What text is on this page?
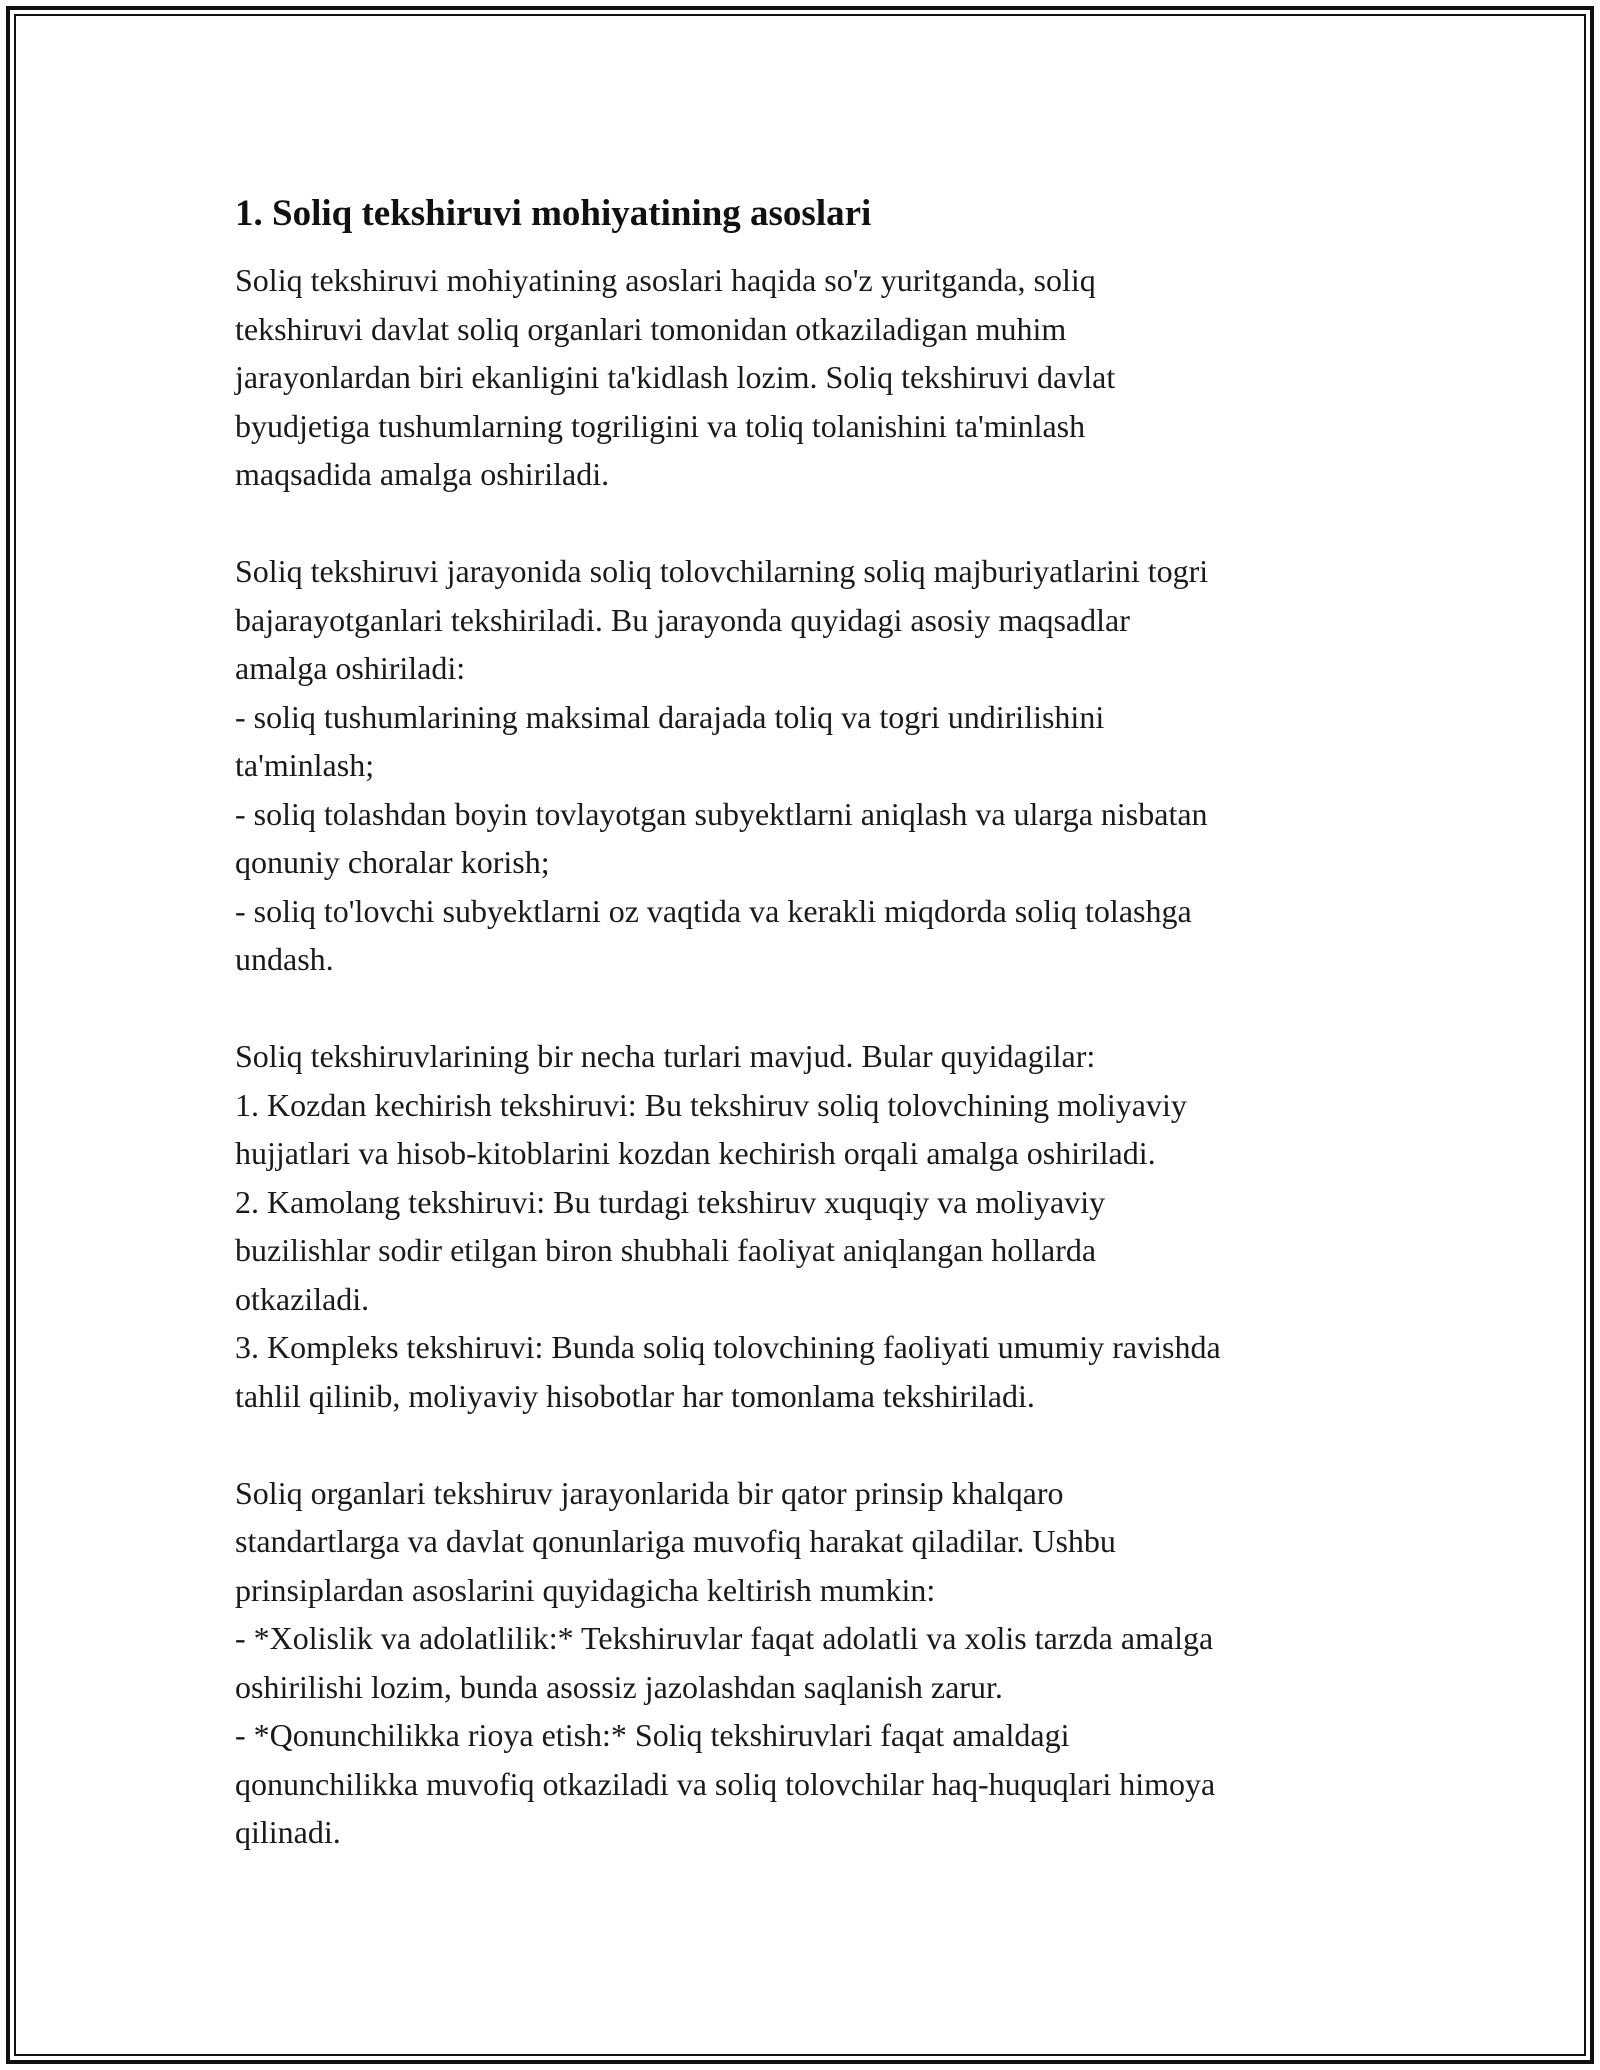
1. Soliq tekshiruvi mohiyatining asoslari
Soliq tekshiruvi mohiyatining asoslari haqida so'z yuritganda, soliq
tekshiruvi davlat soliq organlari tomonidan otkaziladigan muhim
jarayonlardan biri ekanligini ta'kidlash lozim. Soliq tekshiruvi davlat
byudjetiga tushumlarning togriligini va toliq tolanishini ta'minlash
maqsadida amalga oshiriladi.
Soliq tekshiruvi jarayonida soliq tolovchilarning soliq majburiyatlarini togri
bajarayotganlari tekshiriladi. Bu jarayonda quyidagi asosiy maqsadlar
amalga oshiriladi:
- soliq tushumlarining maksimal darajada toliq va togri undirilishini
ta'minlash;
- soliq tolashdan boyin tovlayotgan subyektlarni aniqlash va ularga nisbatan
qonuniy choralar korish;
- soliq to'lovchi subyektlarni oz vaqtida va kerakli miqdorda soliq tolashga
undash.
Soliq tekshiruvlarining bir necha turlari mavjud. Bular quyidagilar:
1. Kozdan kechirish tekshiruvi: Bu tekshiruv soliq tolovchining moliyaviy
hujjatlari va hisob-kitoblarini kozdan kechirish orqali amalga oshiriladi.
2. Kamolang tekshiruvi: Bu turdagi tekshiruv xuquqiy va moliyaviy
buzilishlar sodir etilgan biron shubhali faoliyat aniqlangan hollarda
otkaziladi.
3. Kompleks tekshiruvi: Bunda soliq tolovchining faoliyati umumiy ravishda
tahlil qilinib, moliyaviy hisobotlar har tomonlama tekshiriladi.
Soliq organlari tekshiruv jarayonlarida bir qator prinsip khalqaro
standartlarga va davlat qonunlariga muvofiq harakat qiladilar. Ushbu
prinsiplardan asoslarini quyidagicha keltirish mumkin:
- *Xolislik va adolatlilik:* Tekshiruvlar faqat adolatli va xolis tarzda amalga
oshirilishi lozim, bunda asossiz jazolashdan saqlanish zarur.
- *Qonunchilikka rioya etish:* Soliq tekshiruvlari faqat amaldagi
qonunchilikka muvofiq otkaziladi va soliq tolovchilar haq-huquqlari himoya
qilinadi.
